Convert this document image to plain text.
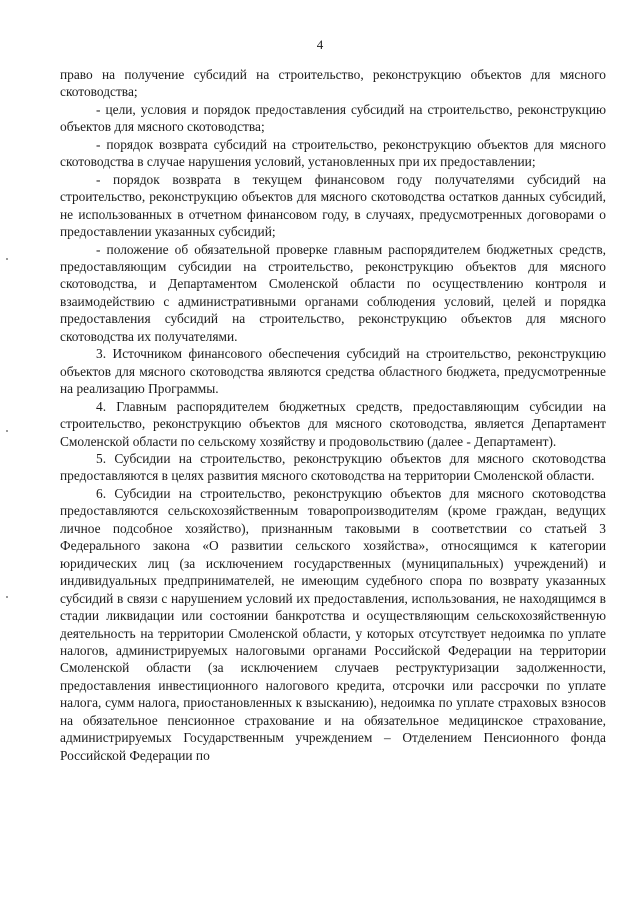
4

право на получение субсидий на строительство, реконструкцию объектов для мясного скотоводства;

- цели, условия и порядок предоставления субсидий на строительство, реконструкцию объектов для мясного скотоводства;

- порядок возврата субсидий на строительство, реконструкцию объектов для мясного скотоводства в случае нарушения условий, установленных при их предоставлении;

- порядок возврата в текущем финансовом году получателями субсидий на строительство, реконструкцию объектов для мясного скотоводства остатков данных субсидий, не использованных в отчетном финансовом году, в случаях, предусмотренных договорами о предоставлении указанных субсидий;

- положение об обязательной проверке главным распорядителем бюджетных средств, предоставляющим субсидии на строительство, реконструкцию объектов для мясного скотоводства, и Департаментом Смоленской области по осуществлению контроля и взаимодействию с административными органами соблюдения условий, целей и порядка предоставления субсидий на строительство, реконструкцию объектов для мясного скотоводства их получателями.

3. Источником финансового обеспечения субсидий на строительство, реконструкцию объектов для мясного скотоводства являются средства областного бюджета, предусмотренные на реализацию Программы.

4. Главным распорядителем бюджетных средств, предоставляющим субсидии на строительство, реконструкцию объектов для мясного скотоводства, является Департамент Смоленской области по сельскому хозяйству и продовольствию (далее - Департамент).

5. Субсидии на строительство, реконструкцию объектов для мясного скотоводства предоставляются в целях развития мясного скотоводства на территории Смоленской области.

6. Субсидии на строительство, реконструкцию объектов для мясного скотоводства предоставляются сельскохозяйственным товаропроизводителям (кроме граждан, ведущих личное подсобное хозяйство), признанным таковыми в соответствии со статьей 3 Федерального закона «О развитии сельского хозяйства», относящимся к категории юридических лиц (за исключением государственных (муниципальных) учреждений) и индивидуальных предпринимателей, не имеющим судебного спора по возврату указанных субсидий в связи с нарушением условий их предоставления, использования, не находящимся в стадии ликвидации или состоянии банкротства и осуществляющим сельскохозяйственную деятельность на территории Смоленской области, у которых отсутствует недоимка по уплате налогов, администрируемых налоговыми органами Российской Федерации на территории Смоленской области (за исключением случаев реструктуризации задолженности, предоставления инвестиционного налогового кредита, отсрочки или рассрочки по уплате налога, сумм налога, приостановленных к взысканию), недоимка по уплате страховых взносов на обязательное пенсионное страхование и на обязательное медицинское страхование, администрируемых Государственным учреждением – Отделением Пенсионного фонда Российской Федерации по
